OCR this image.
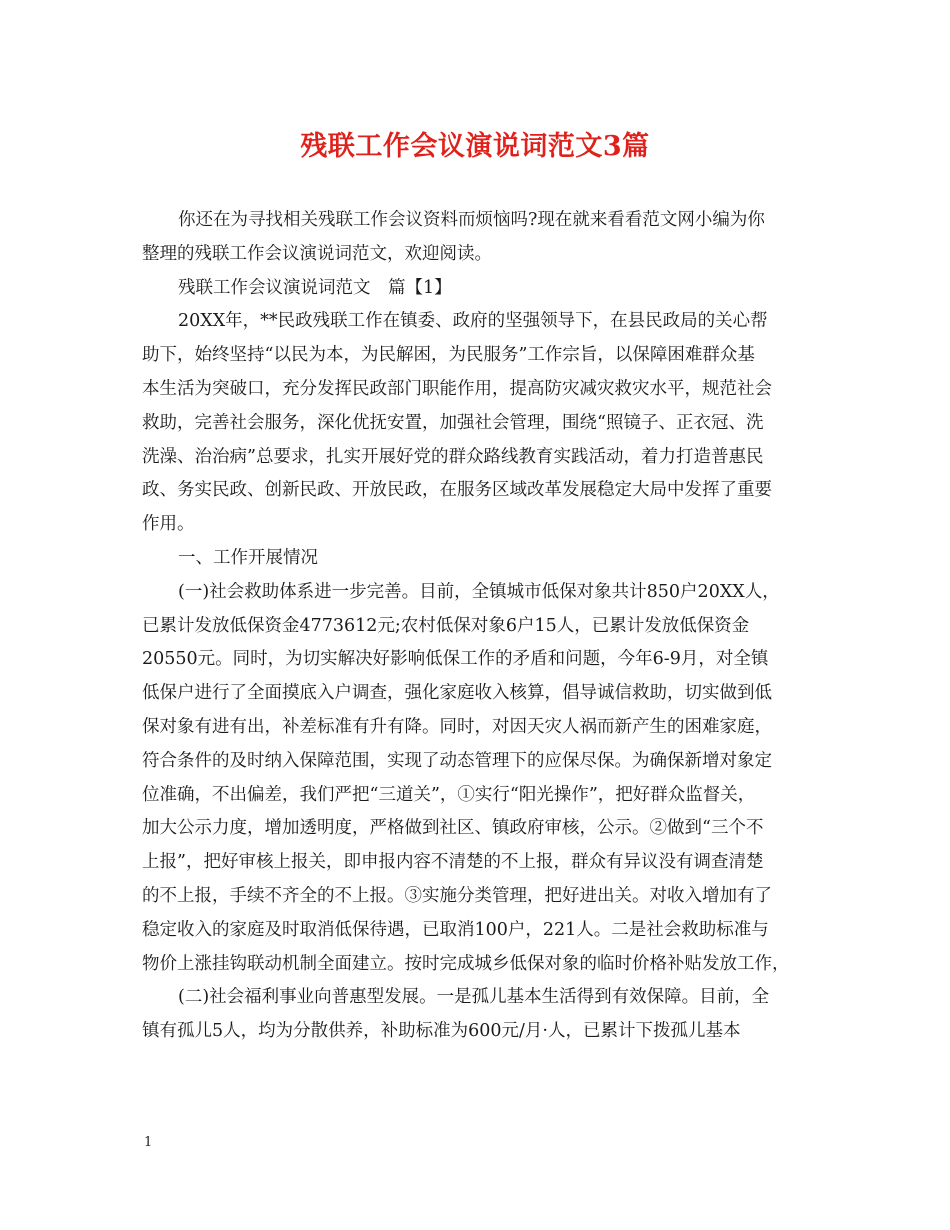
残联工作会议演说词范文3篇
你还在为寻找相关残联工作会议资料而烦恼吗?现在就来看看范文网小编为你
整理的残联工作会议演说词范文，欢迎阅读。
残联工作会议演说词范文　篇【1】
20XX年，**民政残联工作在镇委、政府的坚强领导下，在县民政局的关心帮
助下，始终坚持“以民为本，为民解困，为民服务”工作宗旨，以保障困难群众基
本生活为突破口，充分发挥民政部门职能作用，提高防灾减灾救灾水平，规范社会
救助，完善社会服务，深化优抚安置，加强社会管理，围绕“照镜子、正衣冠、洗
洗澡、治治病”总要求，扎实开展好党的群众路线教育实践活动，着力打造普惠民
政、务实民政、创新民政、开放民政，在服务区域改革发展稳定大局中发挥了重要
作用。
一、工作开展情况
(一)社会救助体系进一步完善。目前，全镇城市低保对象共计850户20XX人，
已累计发放低保资金4773612元;农村低保对象6户15人，已累计发放低保资金
20550元。同时，为切实解决好影响低保工作的矛盾和问题，今年6-9月，对全镇
低保户进行了全面摸底入户调查，强化家庭收入核算，倡导诚信救助，切实做到低
保对象有进有出，补差标准有升有降。同时，对因天灾人祸而新产生的困难家庭，
符合条件的及时纳入保障范围，实现了动态管理下的应保尽保。为确保新增对象定
位准确，不出偏差，我们严把“三道关”，①实行“阳光操作”，把好群众监督关，
加大公示力度，增加透明度，严格做到社区、镇政府审核，公示。②做到“三个不
上报”，把好审核上报关，即申报内容不清楚的不上报，群众有异议没有调查清楚
的不上报，手续不齐全的不上报。③实施分类管理，把好进出关。对收入增加有了
稳定收入的家庭及时取消低保待遇，已取消100户，221人。二是社会救助标准与
物价上涨挂钩联动机制全面建立。按时完成城乡低保对象的临时价格补贴发放工作，
(二)社会福利事业向普惠型发展。一是孤儿基本生活得到有效保障。目前，全
镇有孤儿5人，均为分散供养，补助标准为600元/月·人，已累计下拨孤儿基本
1
